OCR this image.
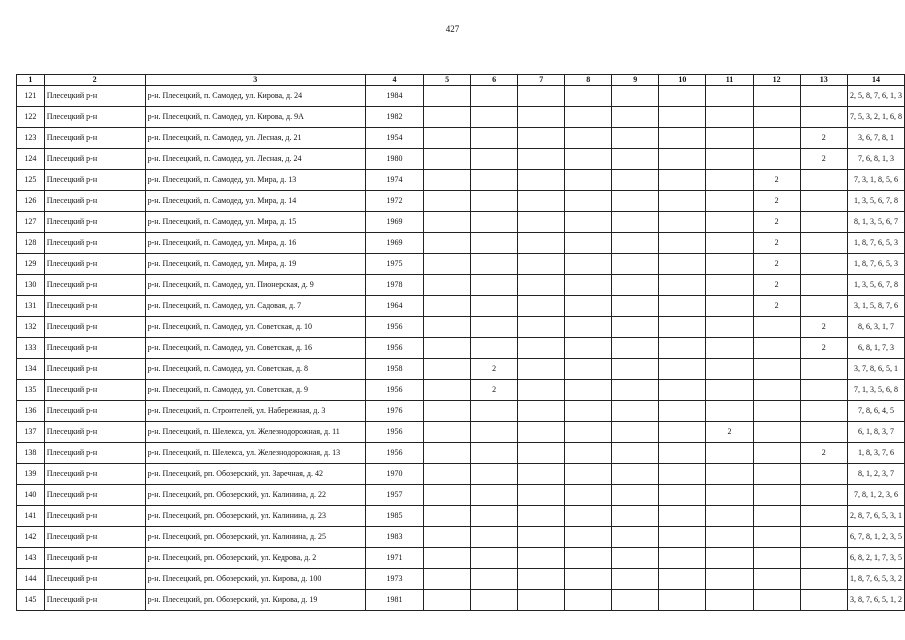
427
1	2	3	4	5	6	7	8	9	10	11	12	13	14
121	Плесецкий р-н	р-н. Плесецкий, п. Самодед, ул. Кирова, д. 24	1984										2, 5, 8, 7, 6, 1, 3
122	Плесецкий р-н	р-н. Плесецкий, п. Самодед, ул. Кирова, д. 9А	1982										7, 5, 3, 2, 1, 6, 8
123	Плесецкий р-н	р-н. Плесецкий, п. Самодед, ул. Лесная, д. 21	1954									2	3, 6, 7, 8, 1
124	Плесецкий р-н	р-н. Плесецкий, п. Самодед, ул. Лесная, д. 24	1980									2	7, 6, 8, 1, 3
125	Плесецкий р-н	р-н. Плесецкий, п. Самодед, ул. Мира, д. 13	1974								2		7, 3, 1, 8, 5, 6
126	Плесецкий р-н	р-н. Плесецкий, п. Самодед, ул. Мира, д. 14	1972								2		1, 3, 5, 6, 7, 8
127	Плесецкий р-н	р-н. Плесецкий, п. Самодед, ул. Мира, д. 15	1969								2		8, 1, 3, 5, 6, 7
128	Плесецкий р-н	р-н. Плесецкий, п. Самодед, ул. Мира, д. 16	1969								2		1, 8, 7, 6, 5, 3
129	Плесецкий р-н	р-н. Плесецкий, п. Самодед, ул. Мира, д. 19	1975								2		1, 8, 7, 6, 5, 3
130	Плесецкий р-н	р-н. Плесецкий, п. Самодед, ул. Пионерская, д. 9	1978								2		1, 3, 5, 6, 7, 8
131	Плесецкий р-н	р-н. Плесецкий, п. Самодед, ул. Садовая, д. 7	1964								2		3, 1, 5, 8, 7, 6
132	Плесецкий р-н	р-н. Плесецкий, п. Самодед, ул. Советская, д. 10	1956									2	8, 6, 3, 1, 7
133	Плесецкий р-н	р-н. Плесецкий, п. Самодед, ул. Советская, д. 16	1956									2	6, 8, 1, 7, 3
134	Плесецкий р-н	р-н. Плесецкий, п. Самодед, ул. Советская, д. 8	1958		2								3, 7, 8, 6, 5, 1
135	Плесецкий р-н	р-н. Плесецкий, п. Самодед, ул. Советская, д. 9	1956		2								7, 1, 3, 5, 6, 8
136	Плесецкий р-н	р-н. Плесецкий, п. Строителей, ул. Набережная, д. 3	1976										7, 8, 6, 4, 5
137	Плесецкий р-н	р-н. Плесецкий, п. Шелекса, ул. Железнодорожная, д. 11	1956							2			6, 1, 8, 3, 7
138	Плесецкий р-н	р-н. Плесецкий, п. Шелекса, ул. Железнодорожная, д. 13	1956									2	1, 8, 3, 7, 6
139	Плесецкий р-н	р-н. Плесецкий, рп. Обозерский, ул. Заречная, д. 42	1970										8, 1, 2, 3, 7
140	Плесецкий р-н	р-н. Плесецкий, рп. Обозерский, ул. Калинина, д. 22	1957										7, 8, 1, 2, 3, 6
141	Плесецкий р-н	р-н. Плесецкий, рп. Обозерский, ул. Калинина, д. 23	1985										2, 8, 7, 6, 5, 3, 1
142	Плесецкий р-н	р-н. Плесецкий, рп. Обозерский, ул. Калинина, д. 25	1983										6, 7, 8, 1, 2, 3, 5
143	Плесецкий р-н	р-н. Плесецкий, рп. Обозерский, ул. Кедрова, д. 2	1971										6, 8, 2, 1, 7, 3, 5
144	Плесецкий р-н	р-н. Плесецкий, рп. Обозерский, ул. Кирова, д. 100	1973										1, 8, 7, 6, 5, 3, 2
145	Плесецкий р-н	р-н. Плесецкий, рп. Обозерский, ул. Кирова, д. 19	1981										3, 8, 7, 6, 5, 1, 2
